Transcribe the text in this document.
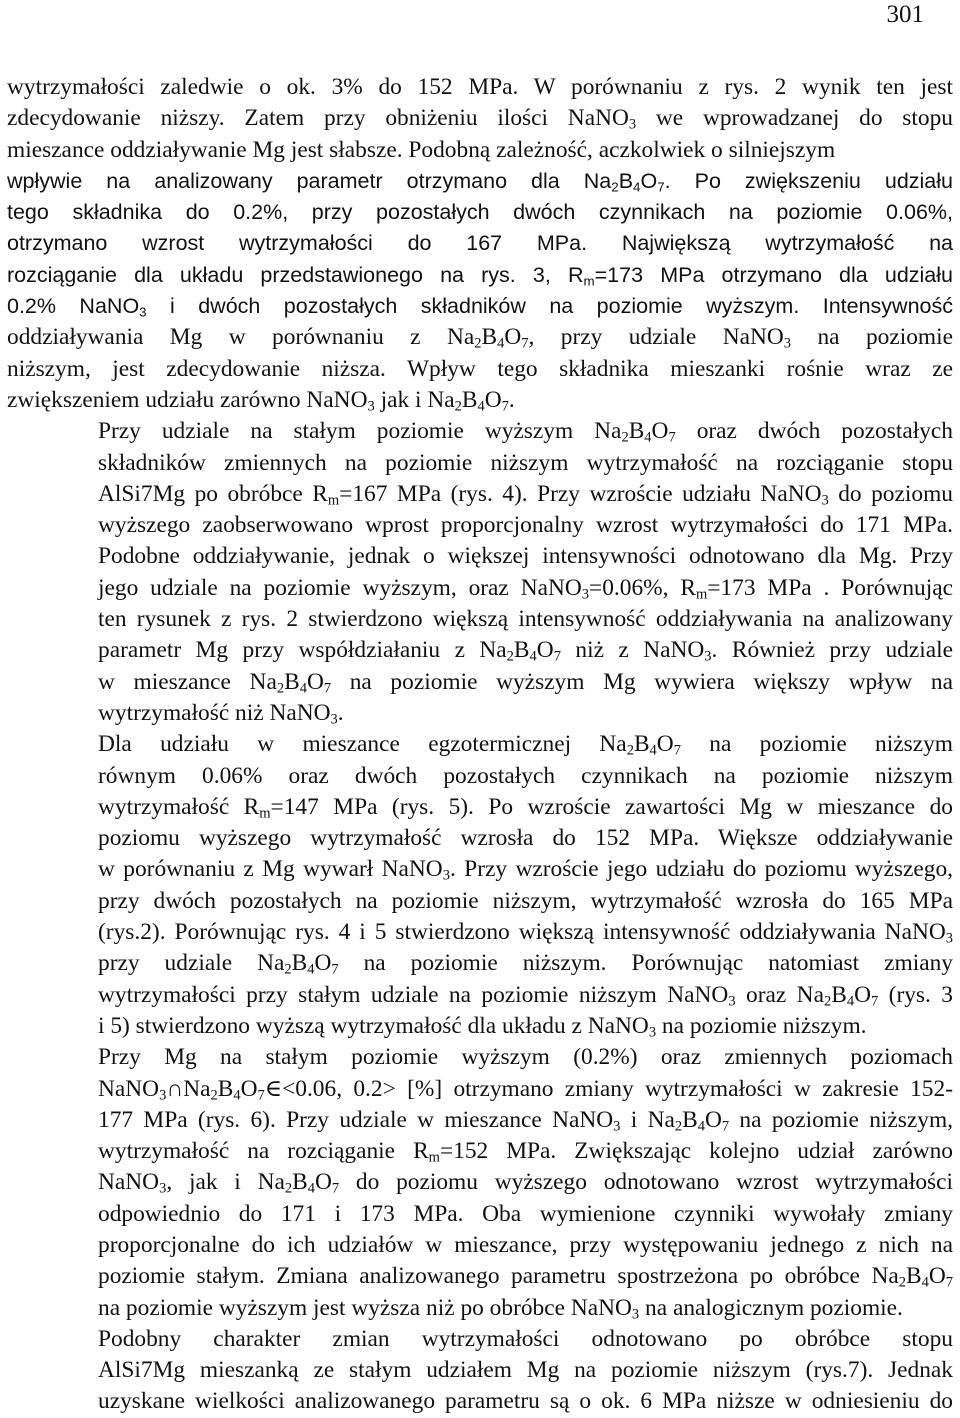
301

wytrzymałości zaledwie o ok. 3% do 152 MPa. W porównaniu z rys. 2 wynik ten jest
zdecydowanie niższy. Zatem przy obniżeniu ilości NaNO$_3$ we wprowadzanej do stopu
mieszance oddziaływanie Mg jest słabsze. Podobną zależność, aczkolwiek o silniejszym
wpływie na analizowany parametr otrzymano dla $Na_2B_4O_7$. Po zwiększeniu udziału
tego składnika do 0.2%, przy pozostałych dwóch czynnikach na poziomie 0.06%,
otrzymano wzrost wytrzymałości do 167 MPa. Największą wytrzymałość na
rozciąganie dla układu przedstawionego na rys. 3, $R_m=173$ MPa otrzymano dla udziału
0.2% NaNO$_3$ i dwóch pozostałych składników na poziomie wyższym. Intensywność
oddziaływania Mg w porównaniu z $Na_2B_4O_7$, przy udziale NaNO$_3$ na poziomie
niższym, jest zdecydowanie niższa. Wpływ tego składnika mieszanki rośnie wraz ze
zwiększeniem udziału zarówno NaNO$_3$ jak i $Na_2B_4O_7$.

Przy udziale na stałym poziomie wyższym $Na_2B_4O_7$ oraz dwóch pozostałych
składników zmiennych na poziomie niższym wytrzymałość na rozciąganie stopu
AlSi7Mg po obróbce $R_m=167$ MPa (rys. 4). Przy wzroście udziału NaNO$_3$ do poziomu
wyższego zaobserwowano wprost proporcjonalny wzrost wytrzymałości do 171 MPa.
Podobne oddziaływanie, jednak o większej intensywności odnotowano dla Mg. Przy
jego udziale na poziomie wyższym, oraz NaNO$_3$=0.06%, $R_m=173$ MPa . Porównując
ten rysunek z rys. 2 stwierdzono większą intensywność oddziaływania na analizowany
parametr Mg przy współdziałaniu z $Na_2B_4O_7$ niż z NaNO$_3$. Również przy udziale
w mieszance $Na_2B_4O_7$ na poziomie wyższym Mg wywiera większy wpływ na
wytrzymałość niż NaNO$_3$.

Dla udziału w mieszance egzotermicznej $Na_2B_4O_7$ na poziomie niższym
równym 0.06% oraz dwóch pozostałych czynnikach na poziomie niższym
wytrzymałość $R_m=147$ MPa (rys. 5). Po wzroście zawartości Mg w mieszance do
poziomu wyższego wytrzymałość wzrosła do 152 MPa. Większe oddziaływanie
w porównaniu z Mg wywarł NaNO$_3$. Przy wzroście jego udziału do poziomu wyższego,
przy dwóch pozostałych na poziomie niższym, wytrzymałość wzrosła do 165 MPa
(rys.2). Porównując rys. 4 i 5 stwierdzono większą intensywność oddziaływania NaNO$_3$
przy udziale $Na_2B_4O_7$ na poziomie niższym. Porównując natomiast zmiany
wytrzymałości przy stałym udziale na poziomie niższym NaNO$_3$ oraz $Na_2B_4O_7$ (rys. 3
i 5) stwierdzono wyższą wytrzymałość dla układu z NaNO$_3$ na poziomie niższym.

Przy Mg na stałym poziomie wyższym (0.2%) oraz zmiennych poziomach
$NaNO_3\cap Na_2B_4O_7\in<0.06$, 0.2> [%] otrzymano zmiany wytrzymałości w zakresie 152-
177 MPa (rys. 6). Przy udziale w mieszance NaNO$_3$ i $Na_2B_4O_7$ na poziomie niższym,
wytrzymałość na rozciąganie $R_m=152$ MPa. Zwiększając kolejno udział zarówno
NaNO$_3$, jak i $Na_2B_4O_7$ do poziomu wyższego odnotowano wzrost wytrzymałości
odpowiednio do 171 i 173 MPa. Oba wymienione czynniki wywołały zmiany
proporcjonalne do ich udziałów w mieszance, przy występowaniu jednego z nich na
poziomie stałym. Zmiana analizowanego parametru spostrzeżona po obróbce $Na_2B_4O_7$
na poziomie wyższym jest wyższa niż po obróbce NaNO$_3$ na analogicznym poziomie.

Podobny charakter zmian wytrzymałości odnotowano po obróbce stopu
AlSi7Mg mieszanką ze stałym udziałem Mg na poziomie niższym (rys.7). Jednak
uzyskane wielkości analizowanego parametru są o ok. 6 MPa niższe w odniesieniu do
